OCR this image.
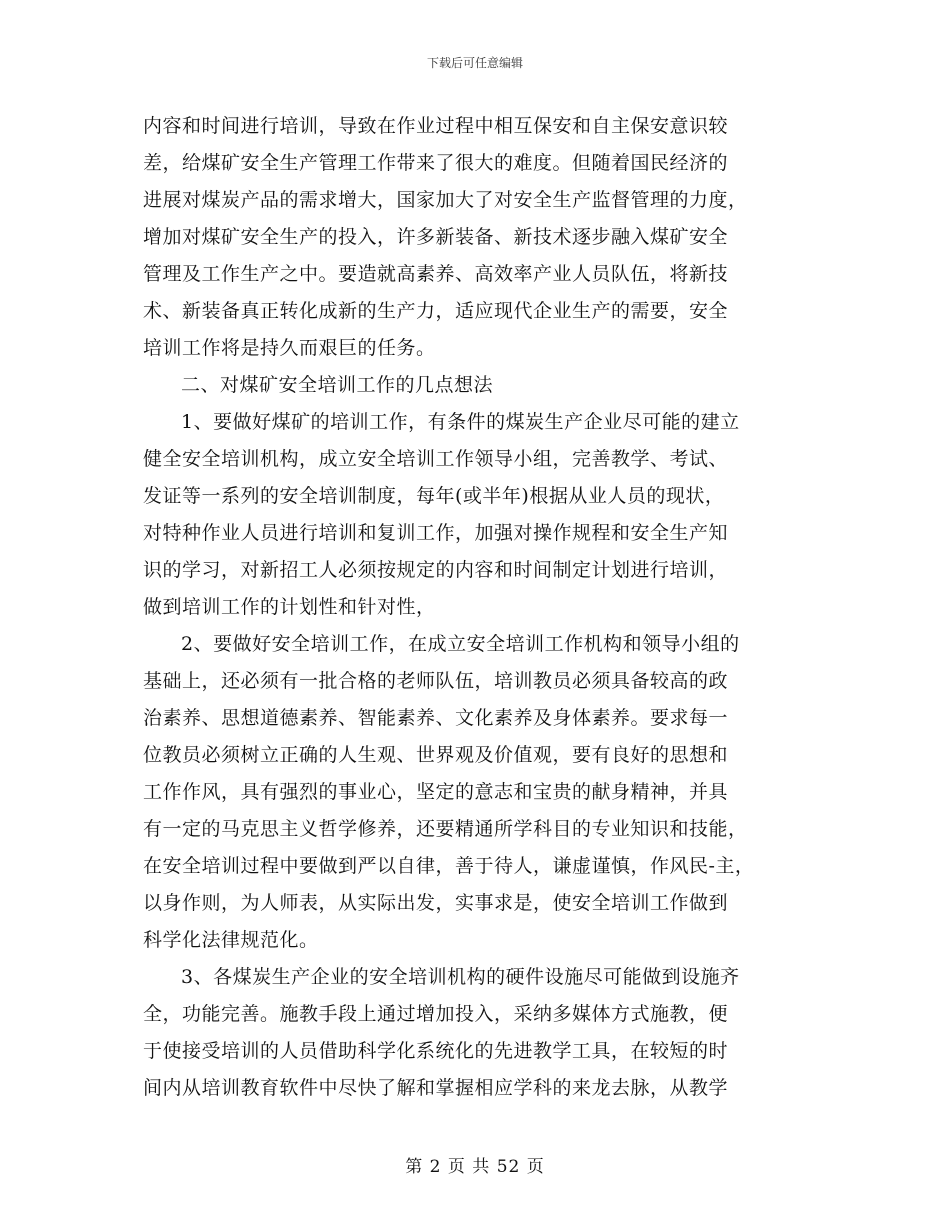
下载后可任意编辑
内容和时间进行培训，导致在作业过程中相互保安和自主保安意识较
差，给煤矿安全生产管理工作带来了很大的难度。但随着国民经济的
进展对煤炭产品的需求增大，国家加大了对安全生产监督管理的力度，
增加对煤矿安全生产的投入，许多新装备、新技术逐步融入煤矿安全
管理及工作生产之中。要造就高素养、高效率产业人员队伍，将新技
术、新装备真正转化成新的生产力，适应现代企业生产的需要，安全
培训工作将是持久而艰巨的任务。
二、对煤矿安全培训工作的几点想法
1、要做好煤矿的培训工作，有条件的煤炭生产企业尽可能的建立
健全安全培训机构，成立安全培训工作领导小组，完善教学、考试、
发证等一系列的安全培训制度，每年(或半年)根据从业人员的现状，
对特种作业人员进行培训和复训工作，加强对操作规程和安全生产知
识的学习，对新招工人必须按规定的内容和时间制定计划进行培训，
做到培训工作的计划性和针对性，
2、要做好安全培训工作，在成立安全培训工作机构和领导小组的
基础上，还必须有一批合格的老师队伍，培训教员必须具备较高的政
治素养、思想道德素养、智能素养、文化素养及身体素养。要求每一
位教员必须树立正确的人生观、世界观及价值观，要有良好的思想和
工作作风，具有强烈的事业心，坚定的意志和宝贵的献身精神，并具
有一定的马克思主义哲学修养，还要精通所学科目的专业知识和技能，
在安全培训过程中要做到严以自律，善于待人，谦虚谨慎，作风民-主，
以身作则，为人师表，从实际出发，实事求是，使安全培训工作做到
科学化法律规范化。
3、各煤炭生产企业的安全培训机构的硬件设施尽可能做到设施齐
全，功能完善。施教手段上通过增加投入，采纳多媒体方式施教，便
于使接受培训的人员借助科学化系统化的先进教学工具，在较短的时
间内从培训教育软件中尽快了解和掌握相应学科的来龙去脉，从教学
第 2 页 共 52 页
